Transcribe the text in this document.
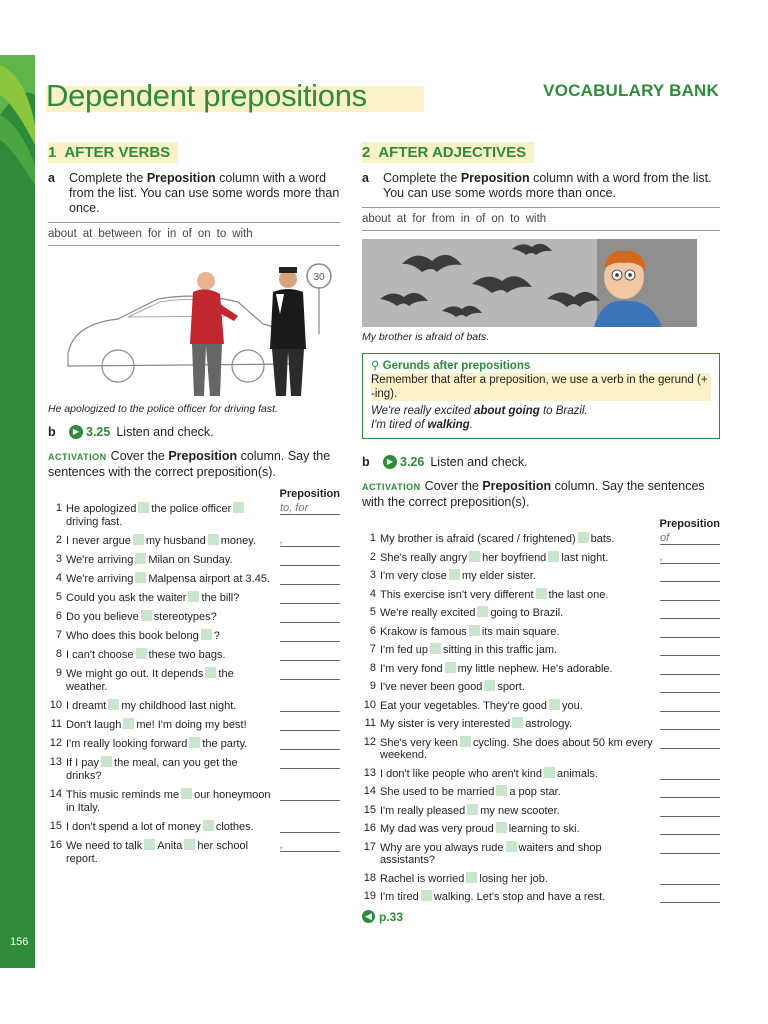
156
Dependent prepositions	VOCABULARY BANK
1 AFTER VERBS
a	Complete the Preposition column with a word from the list. You can use some words more than once.
about at between for in of on to with
30
He apologized to the police officer for driving fast.
b	▶ 3.25 Listen and check.
ACTIVATION Cover the Preposition column. Say the sentences with the correct preposition(s).
Preposition
1 He apologized the police officerdriving fast.
to, for
2 I never argue my husband money.	,
3 We're arriving Milan on Sunday.
4 We're arriving Malpensa airport at 3.45.
5 Could you ask the waiter the bill?
6 Do you believe stereotypes?
7 Who does this book belong ?
8 I can't choose these two bags.
9 We might go out. It depends the weather.
10 I dreamt my childhood last night.
11 Don't laugh me! I'm doing my best!
12 I'm really looking forward the party.
13 If I pay the meal, can you get the drinks?
14 This music reminds me our honeymoon in Italy.
15 I don't spend a lot of money clothes.
16 We need to talk Anita her school report.
,
2 AFTER ADJECTIVES
a	Complete the Preposition column with a word from the list. You can use some words more than once.
about at for from in of on to with
My brother is afraid of bats.
⚲ Gerunds after prepositions
Remember that after a preposition, we use a verb in the gerund (+ -ing).
We're really excited about going to Brazil.
I'm tired of walking.
b	▶ 3.26 Listen and check.
ACTIVATION Cover the Preposition column. Say the sentences with the correct preposition(s).
Preposition
1 My brother is afraid (scared / frightened) bats.	of
2 She's really angry her boyfriend last night.	,
3 I'm very close my elder sister.
4 This exercise isn't very different the last one.
5 We're really excited going to Brazil.
6 Krakow is famous its main square.
7 I'm fed up sitting in this traffic jam.
8 I'm very fond my little nephew. He's adorable.
9 I've never been good sport.
10 Eat your vegetables. They're good you.
11 My sister is very interested astrology.
12 She's very keen cycling. She does about 50 km every weekend.
13 I don't like people who aren't kind animals.
14 She used to be married a pop star.
15 I'm really pleased my new scooter.
16 My dad was very proud learning to ski.
17 Why are you always rude waiters and shop assistants?
18 Rachel is worried losing her job.
19 I'm tired walking. Let's stop and have a rest.
◀ p.33
